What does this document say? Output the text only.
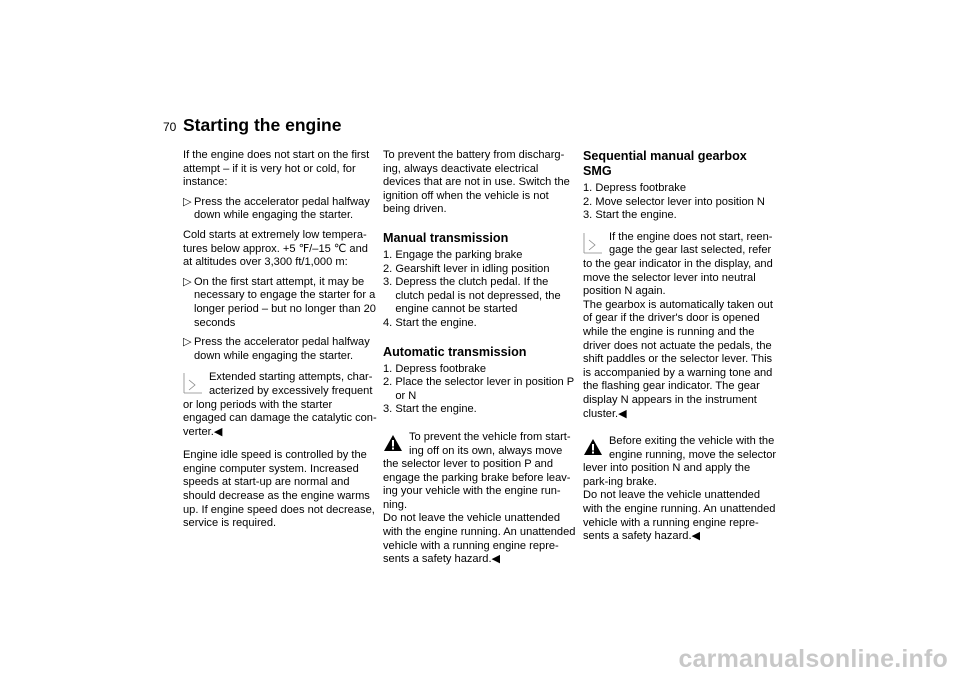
70 Starting the engine

If the engine does not start on the first attempt – if it is very hot or cold, for instance:

▷ Press the accelerator pedal halfway down while engaging the starter.

Cold starts at extremely low tempera-tures below approx. +5 ℉/–15 ℃ and at altitudes over 3,300 ft/1,000 m:

▷ On the first start attempt, it may be necessary to engage the starter for a longer period – but no longer than 20 seconds
▷ Press the accelerator pedal halfway down while engaging the starter.
Extended starting attempts, char-acterized by excessively frequent
or long periods with the starter engaged can damage the catalytic con-verter.◀

Engine idle speed is controlled by the engine computer system. Increased speeds at start-up are normal and should decrease as the engine warms up. If engine speed does not decrease, service is required.

To prevent the battery from discharg-ing, always deactivate electrical devices that are not in use. Switch the ignition off when the vehicle is not being driven.

Manual transmission
1. Engage the parking brake
2. Gearshift lever in idling position
3. Depress the clutch pedal. If the clutch pedal is not depressed, the engine cannot be started
4. Start the engine.
Automatic transmission
1. Depress footbrake
2. Place the selector lever in position P or N
3. Start the engine.
To prevent the vehicle from start-ing off on its own, always move
the selector lever to position P and engage the parking brake before leav-ing your vehicle with the engine run-ning.
Do not leave the vehicle unattended with the engine running. An unattended vehicle with a running engine repre-sents a safety hazard.◀
Sequential manual gearbox SMG
1. Depress footbrake
2. Move selector lever into position N
3. Start the engine.
If the engine does not start, reen-gage the gear last selected, refer
to the gear indicator in the display, and move the selector lever into neutral position N again.
The gearbox is automatically taken out of gear if the driver's door is opened while the engine is running and the driver does not actuate the pedals, the shift paddles or the selector lever. This is accompanied by a warning tone and the flashing gear indicator. The gear display N appears in the instrument cluster.◀
Before exiting the vehicle with the engine running, move the selector
lever into position N and apply the park-ing brake.
Do not leave the vehicle unattended with the engine running. An unattended vehicle with a running engine repre-sents a safety hazard.◀
carmanualsonline.info
